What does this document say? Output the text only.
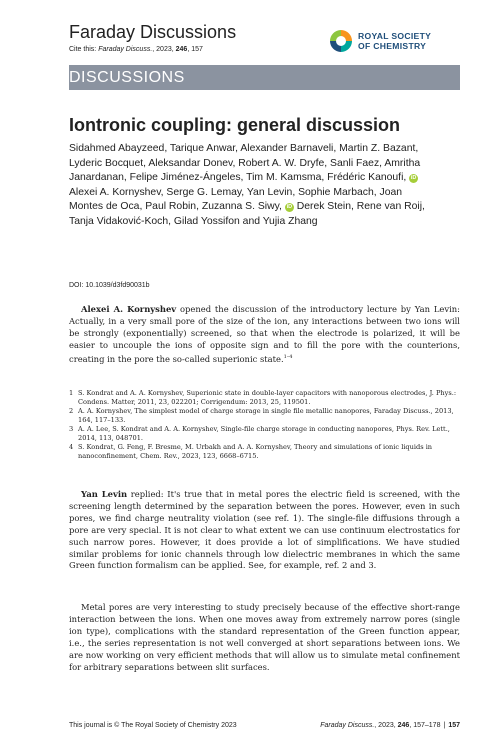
Faraday Discussions
Cite this: Faraday Discuss., 2023, 246, 157
ROYAL SOCIETY
OF CHEMISTRY
DISCUSSIONS
Iontronic coupling: general discussion
Sidahmed Abayzeed, Tarique Anwar, Alexander Barnaveli, Martin Z. Bazant, Lyderic Bocquet, Aleksandar Donev, Robert A. W. Dryfe, Sanli Faez, Amritha Janardanan, Felipe Jiménez-Ángeles, Tim M. Kamsma, Frédéric Kanoufi, iD Alexei A. Kornyshev, Serge G. Lemay, Yan Levin, Sophie Marbach, Joan Montes de Oca, Paul Robin, Zuzanna S. Siwy, iD Derek Stein, Rene van Roij, Tanja Vidaković-Koch, Gilad Yossifon and Yujia Zhang
DOI: 10.1039/d3fd90031b
Alexei A. Kornyshev opened the discussion of the introductory lecture by Yan Levin: Actually, in a very small pore of the size of the ion, any interactions between two ions will be strongly (exponentially) screened, so that when the electrode is polarized, it will be easier to uncouple the ions of opposite sign and to fill the pore with the counterions, creating in the pore the so-called superionic state.$^{1-4}$
1 S. Kondrat and A. A. Kornyshev, Superionic state in double-layer capacitors with nanoporous electrodes, J. Phys.: Condens. Matter, 2011, 23, 022201; Corrigendum: 2013, 25, 119501.
2 A. A. Kornyshev, The simplest model of charge storage in single file metallic nanopores, Faraday Discuss., 2013, 164, 117–133.
3 A. A. Lee, S. Kondrat and A. A. Kornyshev, Single-file charge storage in conducting nanopores, Phys. Rev. Lett., 2014, 113, 048701.
4 S. Kondrat, G. Feng, F. Bresme, M. Urbakh and A. A. Kornyshev, Theory and simulations of ionic liquids in nanoconfinement, Chem. Rev., 2023, 123, 6668–6715.
Yan Levin replied: It's true that in metal pores the electric field is screened, with the screening length determined by the separation between the pores. However, even in such pores, we find charge neutrality violation (see ref. 1). The single-file diffusions through a pore are very special. It is not clear to what extent we can use continuum electrostatics for such narrow pores. However, it does provide a lot of simplifications. We have studied similar problems for ionic channels through low dielectric membranes in which the same Green function formalism can be applied. See, for example, ref. 2 and 3.
Metal pores are very interesting to study precisely because of the effective short-range interaction between the ions. When one moves away from extremely narrow pores (single ion type), complications with the standard representation of the Green function appear, i.e., the series representation is not well converged at short separations between ions. We are now working on very efficient methods that will allow us to simulate metal confinement for arbitrary separations between slit surfaces.
This journal is © The Royal Society of Chemistry 2023	Faraday Discuss., 2023, 246, 157–178 | 157
